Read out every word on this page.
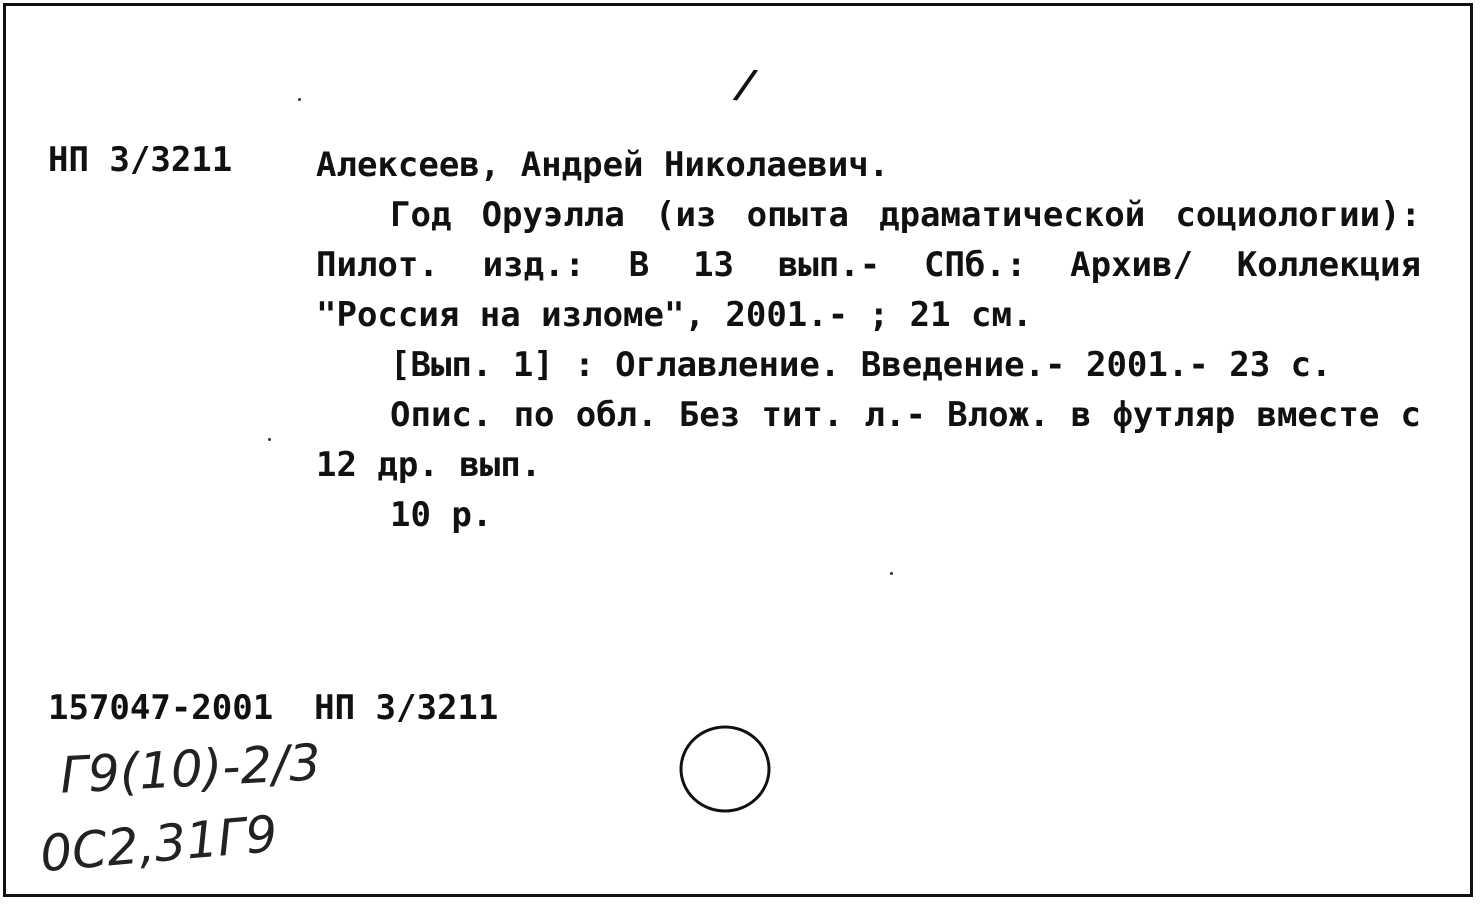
/
НП 3/3211 Алексеев, Андрей Николаевич.

Год Оруэлла (из опыта драматической социологии): Пилот. изд.: В 13 вып.- СПб.: Архив/ Коллекция "Россия на изломе", 2001.- ; 21 см.

[Вып. 1] : Оглавление. Введение.- 2001.- 23 с.

Опис. по обл. Без тит. л.- Влож. в футляр вместе с 12 др. вып.

10 р.

157047-2001 НП 3/3211
Г9(10)-2/3
0С2,31Г9
